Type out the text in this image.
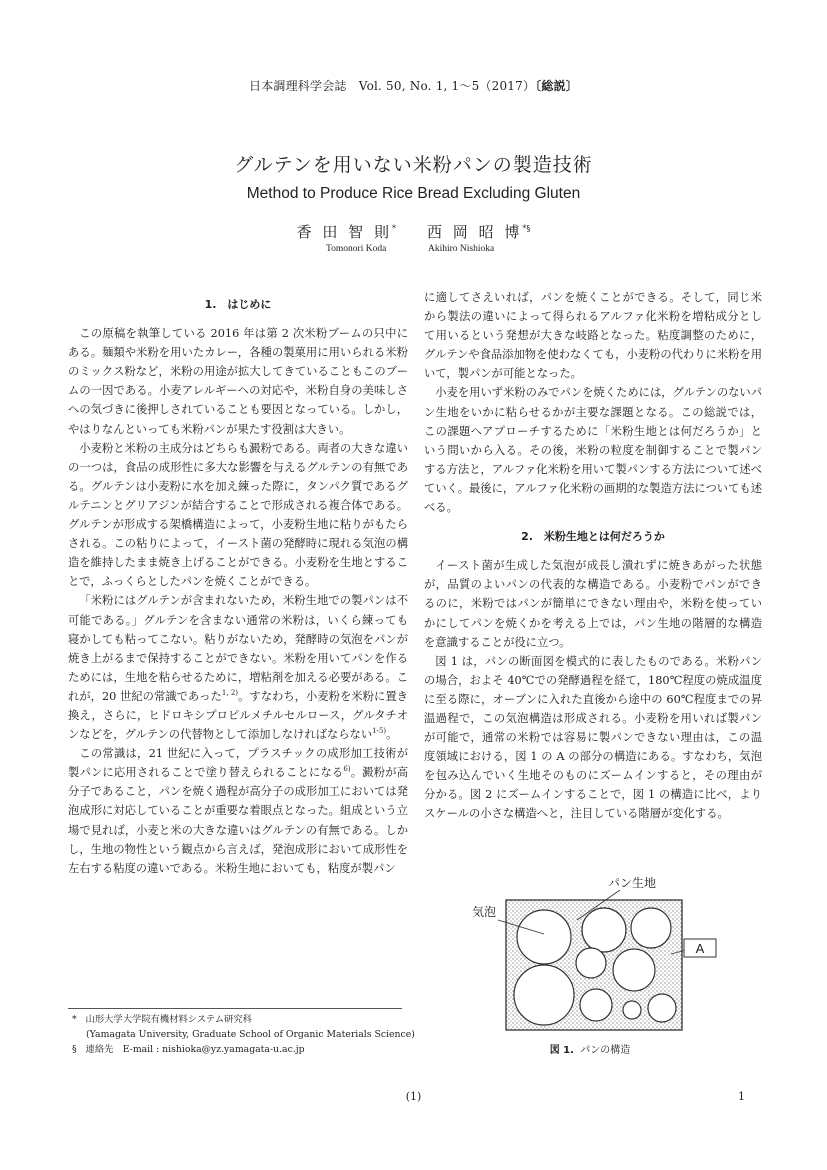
日本調理科学会誌　Vol. 50, No. 1, 1～5（2017）〔総説〕
グルテンを用いない米粉パンの製造技術
Method to Produce Rice Bread Excluding Gluten
香 田 智 則* 西 岡 昭 博*§
Tomonori Koda	Akihiro Nishioka

1.　はじめに

この原稿を執筆している 2016 年は第 2 次米粉ブームの只中にある。麺類や米粉を用いたカレー，各種の製菓用に用いられる米粉のミックス粉など，米粉の用途が拡大してきていることもこのブームの一因である。小麦アレルギーへの対応や，米粉自身の美味しさへの気づきに後押しされていることも要因となっている。しかし，やはりなんといっても米粉パンが果たす役割は大きい。

小麦粉と米粉の主成分はどちらも澱粉である。両者の大きな違いの一つは，食品の成形性に多大な影響を与えるグルテンの有無である。グルテンは小麦粉に水を加え練った際に，タンパク質であるグルテニンとグリアジンが結合することで形成される複合体である。グルテンが形成する架橋構造によって，小麦粉生地に粘りがもたらされる。この粘りによって，イースト菌の発酵時に現れる気泡の構造を維持したまま焼き上げることができる。小麦粉を生地とすることで，ふっくらとしたパンを焼くことができる。

「米粉にはグルテンが含まれないため，米粉生地での製パンは不可能である。」グルテンを含まない通常の米粉は，いくら練っても寝かしても粘ってこない。粘りがないため，発酵時の気泡をパンが焼き上がるまで保持することができない。米粉を用いてパンを作るためには，生地を粘らせるために，増粘剤を加える必要がある。これが，20 世紀の常識であった$^{1, 2)}$。すなわち，小麦粉を米粉に置き換え，さらに，ヒドロキシプロピルメチルセルロース，グルタチオンなどを，グルテンの代替物として添加しなければならない$^{1-5)}$。

この常識は，21 世紀に入って，プラスチックの成形加工技術が製パンに応用されることで塗り替えられることになる$^{6)}$。澱粉が高分子であること，パンを焼く過程が高分子の成形加工においては発泡成形に対応していることが重要な着眼点となった。組成という立場で見れば，小麦と米の大きな違いはグルテンの有無である。しかし，生地の物性という観点から言えば，発泡成形において成形性を左右する粘度の違いである。米粉生地においても，粘度が製パン

に適してさえいれば，パンを焼くことができる。そして，同じ米から製法の違いによって得られるアルファ化米粉を増粘成分として用いるという発想が大きな岐路となった。粘度調整のために，グルテンや食品添加物を使わなくても，小麦粉の代わりに米粉を用いて，製パンが可能となった。

小麦を用いず米粉のみでパンを焼くためには，グルテンのないパン生地をいかに粘らせるかが主要な課題となる。この総説では，この課題へアプローチするために「米粉生地とは何だろうか」という問いから入る。その後，米粉の粒度を制御することで製パンする方法と，アルファ化米粉を用いて製パンする方法について述べていく。最後に，アルファ化米粉の画期的な製造方法についても述べる。

2.　米粉生地とは何だろうか

イースト菌が生成した気泡が成長し潰れずに焼きあがった状態が，品質のよいパンの代表的な構造である。小麦粉でパンができるのに，米粉ではパンが簡単にできない理由や，米粉を使っていかにしてパンを焼くかを考える上では，パン生地の階層的な構造を意識することが役に立つ。

図 1 は，パンの断面図を模式的に表したものである。米粉パンの場合，およそ 40℃での発酵過程を経て，180℃程度の焼成温度に至る際に，オーブンに入れた直後から途中の 60℃程度までの昇温過程で，この気泡構造は形成される。小麦粉を用いれば製パンが可能で，通常の米粉では容易に製パンできない理由は，この温度領域における，図 1 の A の部分の構造にある。すなわち，気泡を包み込んでいく生地そのものにズームインすると，その理由が分かる。図 2 にズームインすることで，図 1 の構造に比べ，よりスケールの小さな構造へと，注目している階層が変化する。

A
パン生地
気泡
図 1. パンの構造
* 山形大学大学院有機材料システム研究科
(Yamagata University, Graduate School of Organic Materials Science)
§ 連絡先　E-mail : nishioka@yz.yamagata-u.ac.jp
(1)	1
